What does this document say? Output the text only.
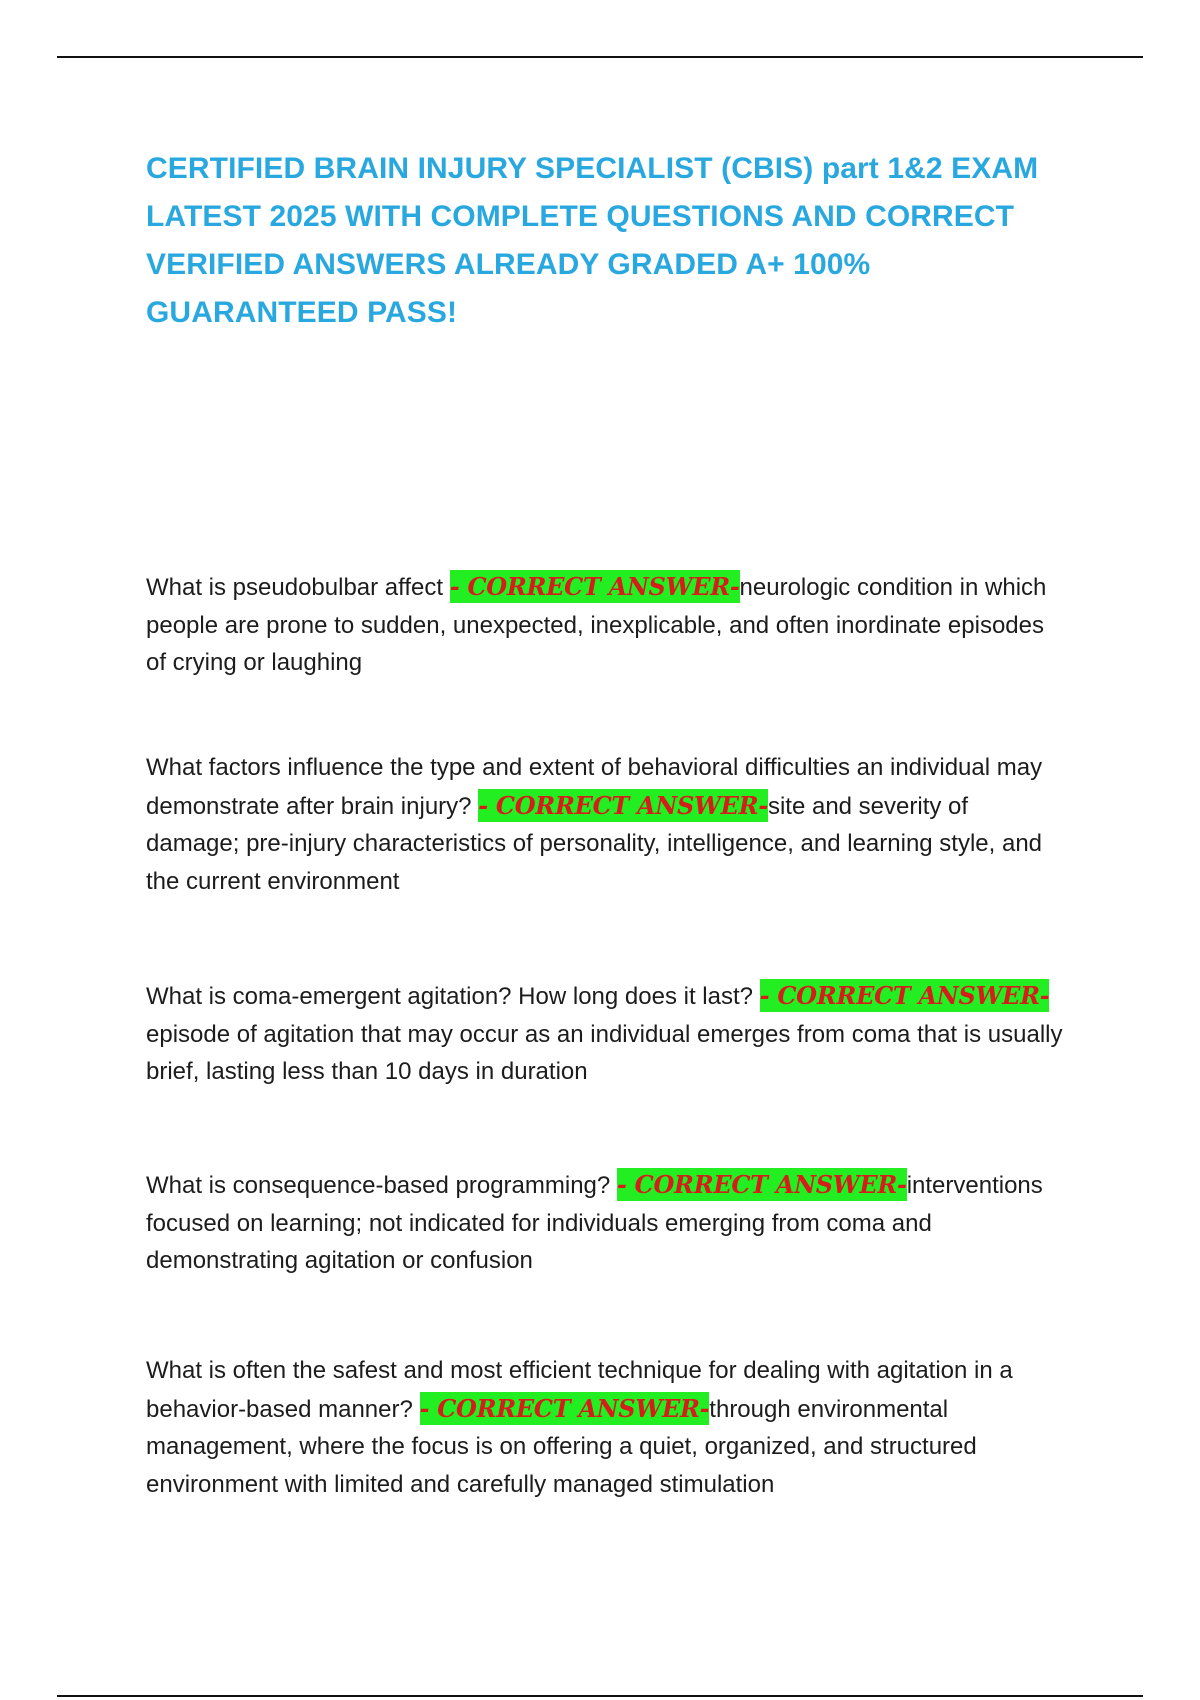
CERTIFIED BRAIN INJURY SPECIALIST (CBIS) part 1&2 EXAM LATEST 2025 WITH COMPLETE QUESTIONS AND CORRECT VERIFIED ANSWERS ALREADY GRADED A+ 100% GUARANTEED PASS!

What is pseudobulbar affect - CORRECT ANSWER-neurologic condition in which people are prone to sudden, unexpected, inexplicable, and often inordinate episodes of crying or laughing

What factors influence the type and extent of behavioral difficulties an individual may demonstrate after brain injury? - CORRECT ANSWER-site and severity of damage; pre-injury characteristics of personality, intelligence, and learning style, and the current environment

What is coma-emergent agitation? How long does it last? - CORRECT ANSWER-episode of agitation that may occur as an individual emerges from coma that is usually brief, lasting less than 10 days in duration

What is consequence-based programming? - CORRECT ANSWER-interventions focused on learning; not indicated for individuals emerging from coma and demonstrating agitation or confusion

What is often the safest and most efficient technique for dealing with agitation in a behavior-based manner? - CORRECT ANSWER-through environmental management, where the focus is on offering a quiet, organized, and structured environment with limited and carefully managed stimulation
